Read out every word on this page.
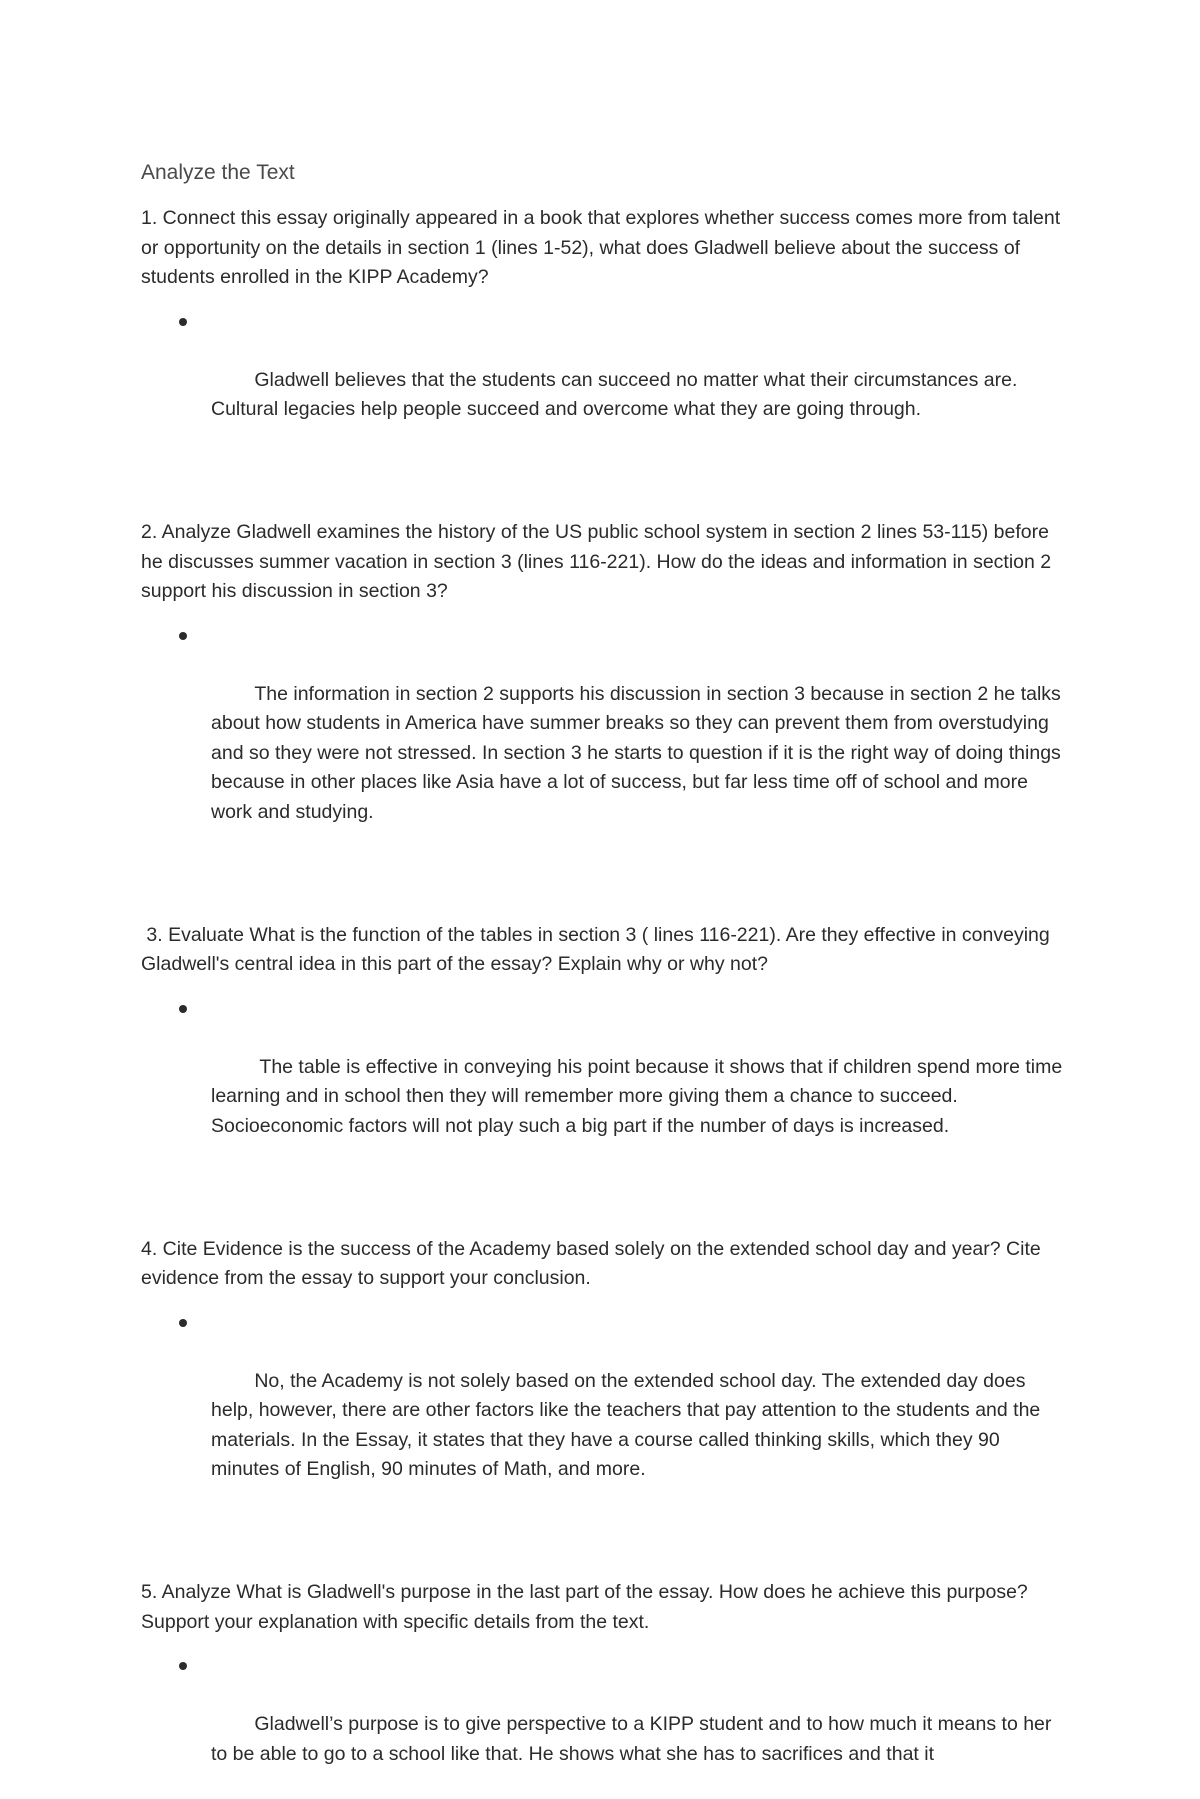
Analyze the Text

1. Connect this essay originally appeared in a book that explores whether success comes more from talent or opportunity on the details in section 1 (lines 1-52), what does Gladwell believe about the success of students enrolled in the KIPP Academy?

Gladwell believes that the students can succeed no matter what their circumstances are. Cultural legacies help people succeed and overcome what they are going through.

2. Analyze Gladwell examines the history of the US public school system in section 2 lines 53-115) before he discusses summer vacation in section 3 (lines 116-221). How do the ideas and information in section 2 support his discussion in section 3?

The information in section 2 supports his discussion in section 3 because in section 2 he talks about how students in America have summer breaks so they can prevent them from overstudying and so they were not stressed. In section 3 he starts to question if it is the right way of doing things because in other places like Asia have a lot of success, but far less time off of school and more work and studying.

3. Evaluate What is the function of the tables in section 3 ( lines 116-221). Are they effective in conveying Gladwell's central idea in this part of the essay? Explain why or why not?

The table is effective in conveying his point because it shows that if children spend more time learning and in school then they will remember more giving them a chance to succeed. Socioeconomic factors will not play such a big part if the number of days is increased.

4. Cite Evidence is the success of the Academy based solely on the extended school day and year? Cite evidence from the essay to support your conclusion.

No, the Academy is not solely based on the extended school day. The extended day does help, however, there are other factors like the teachers that pay attention to the students and the materials. In the Essay, it states that they have a course called thinking skills, which they 90 minutes of English, 90 minutes of Math, and more.

5. Analyze What is Gladwell's purpose in the last part of the essay. How does he achieve this purpose? Support your explanation with specific details from the text.

Gladwell’s purpose is to give perspective to a KIPP student and to how much it means to her to be able to go to a school like that. He shows what she has to sacrifices and that it
